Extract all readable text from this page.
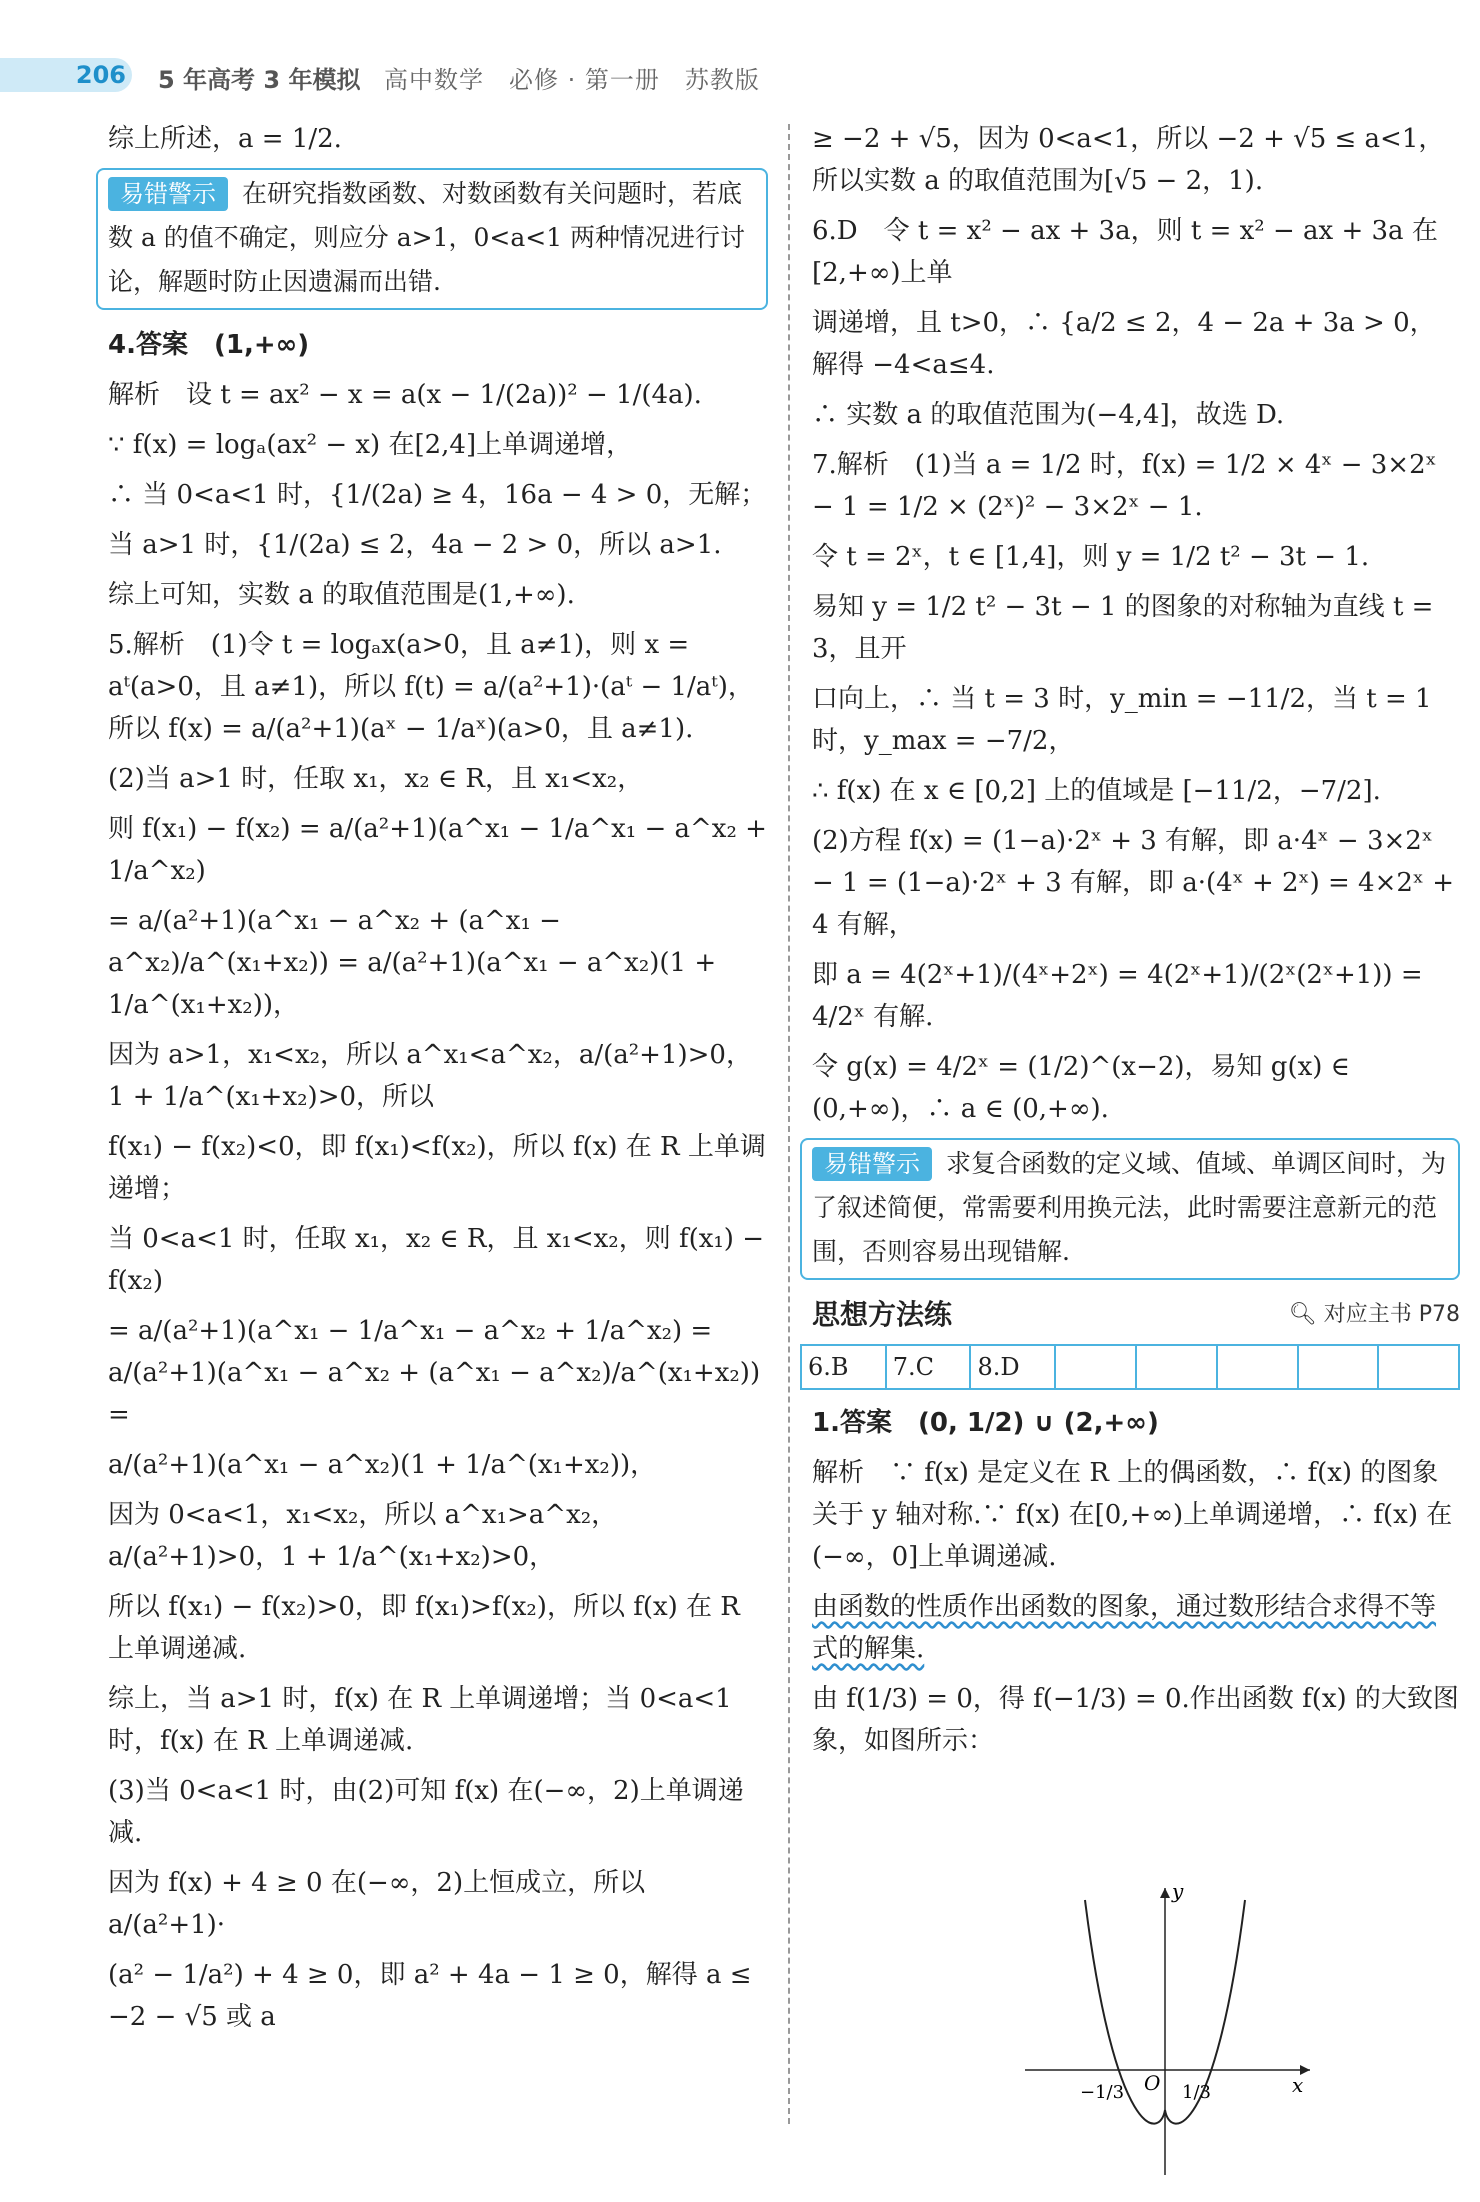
206 5 年高考 3 年模拟 高中数学　必修 · 第一册　苏教版

综上所述，a = 1/2.

易错警示 在研究指数函数、对数函数有关问题时，若底数 a 的值不确定，则应分 a>1，0<a<1 两种情况进行讨论，解题时防止因遗漏而出错.

4.答案　(1,+∞)

解析　设 t = ax² − x = a(x − 1/(2a))² − 1/(4a).

∵ f(x) = logₐ(ax² − x) 在[2,4]上单调递增，

∴ 当 0<a<1 时，{1/(2a) ≥ 4，16a − 4 > 0，无解；

当 a>1 时，{1/(2a) ≤ 2，4a − 2 > 0，所以 a>1.

综上可知，实数 a 的取值范围是(1,+∞).

5.解析　(1)令 t = logₐx(a>0，且 a≠1)，则 x = aᵗ(a>0，且 a≠1)，所以 f(t) = a/(a²+1)·(aᵗ − 1/aᵗ)，所以 f(x) = a/(a²+1)(aˣ − 1/aˣ)(a>0，且 a≠1).

(2)当 a>1 时，任取 x₁，x₂ ∈ R，且 x₁<x₂，

则 f(x₁) − f(x₂) = a/(a²+1)(a^x₁ − 1/a^x₁ − a^x₂ + 1/a^x₂)

= a/(a²+1)(a^x₁ − a^x₂ + (a^x₁ − a^x₂)/a^(x₁+x₂)) = a/(a²+1)(a^x₁ − a^x₂)(1 + 1/a^(x₁+x₂))，

因为 a>1，x₁<x₂，所以 a^x₁<a^x₂，a/(a²+1)>0，1 + 1/a^(x₁+x₂)>0，所以

f(x₁) − f(x₂)<0，即 f(x₁)<f(x₂)，所以 f(x) 在 R 上单调递增；

当 0<a<1 时，任取 x₁，x₂ ∈ R，且 x₁<x₂，则 f(x₁) − f(x₂)

= a/(a²+1)(a^x₁ − 1/a^x₁ − a^x₂ + 1/a^x₂) = a/(a²+1)(a^x₁ − a^x₂ + (a^x₁ − a^x₂)/a^(x₁+x₂)) =

a/(a²+1)(a^x₁ − a^x₂)(1 + 1/a^(x₁+x₂))，

因为 0<a<1，x₁<x₂，所以 a^x₁>a^x₂，a/(a²+1)>0，1 + 1/a^(x₁+x₂)>0，

所以 f(x₁) − f(x₂)>0，即 f(x₁)>f(x₂)，所以 f(x) 在 R 上单调递减.

综上，当 a>1 时，f(x) 在 R 上单调递增；当 0<a<1 时，f(x) 在 R 上单调递减.

(3)当 0<a<1 时，由(2)可知 f(x) 在(−∞，2)上单调递减.

因为 f(x) + 4 ≥ 0 在(−∞，2)上恒成立，所以 a/(a²+1)·

(a² − 1/a²) + 4 ≥ 0，即 a² + 4a − 1 ≥ 0，解得 a ≤ −2 − √5 或 a

≥ −2 + √5，因为 0<a<1，所以 −2 + √5 ≤ a<1，所以实数 a 的取值范围为[√5 − 2，1).

6.D　令 t = x² − ax + 3a，则 t = x² − ax + 3a 在[2,+∞)上单

调递增，且 t>0，∴ {a/2 ≤ 2，4 − 2a + 3a > 0，解得 −4<a≤4.

∴ 实数 a 的取值范围为(−4,4]，故选 D.

7.解析　(1)当 a = 1/2 时，f(x) = 1/2 × 4ˣ − 3×2ˣ − 1 = 1/2 × (2ˣ)² − 3×2ˣ − 1.

令 t = 2ˣ，t ∈ [1,4]，则 y = 1/2 t² − 3t − 1.

易知 y = 1/2 t² − 3t − 1 的图象的对称轴为直线 t = 3，且开

口向上，∴ 当 t = 3 时，y_min = −11/2，当 t = 1 时，y_max = −7/2，

∴ f(x) 在 x ∈ [0,2] 上的值域是 [−11/2，−7/2].

(2)方程 f(x) = (1−a)·2ˣ + 3 有解，即 a·4ˣ − 3×2ˣ − 1 = (1−a)·2ˣ + 3 有解，即 a·(4ˣ + 2ˣ) = 4×2ˣ + 4 有解，

即 a = 4(2ˣ+1)/(4ˣ+2ˣ) = 4(2ˣ+1)/(2ˣ(2ˣ+1)) = 4/2ˣ 有解.

令 g(x) = 4/2ˣ = (1/2)^(x−2)，易知 g(x) ∈ (0,+∞)，∴ a ∈ (0,+∞).

易错警示 求复合函数的定义域、值域、单调区间时，为了叙述简便，常需要利用换元法，此时需要注意新元的范围，否则容易出现错解.
思想方法练	🔍︎ 对应主书 P78
6.B	7.C	8.D					

1.答案　(0, 1/2) ∪ (2,+∞)

解析　∵ f(x) 是定义在 R 上的偶函数，∴ f(x) 的图象关于 y 轴对称.∵ f(x) 在[0,+∞)上单调递增，∴ f(x) 在(−∞，0]上单调递减.

由函数的性质作出函数的图象，通过数形结合求得不等式的解集.

由 f(1/3) = 0，得 f(−1/3) = 0.作出函数 f(x) 的大致图象，如图所示：

y
x
O
−1/3	1/3
